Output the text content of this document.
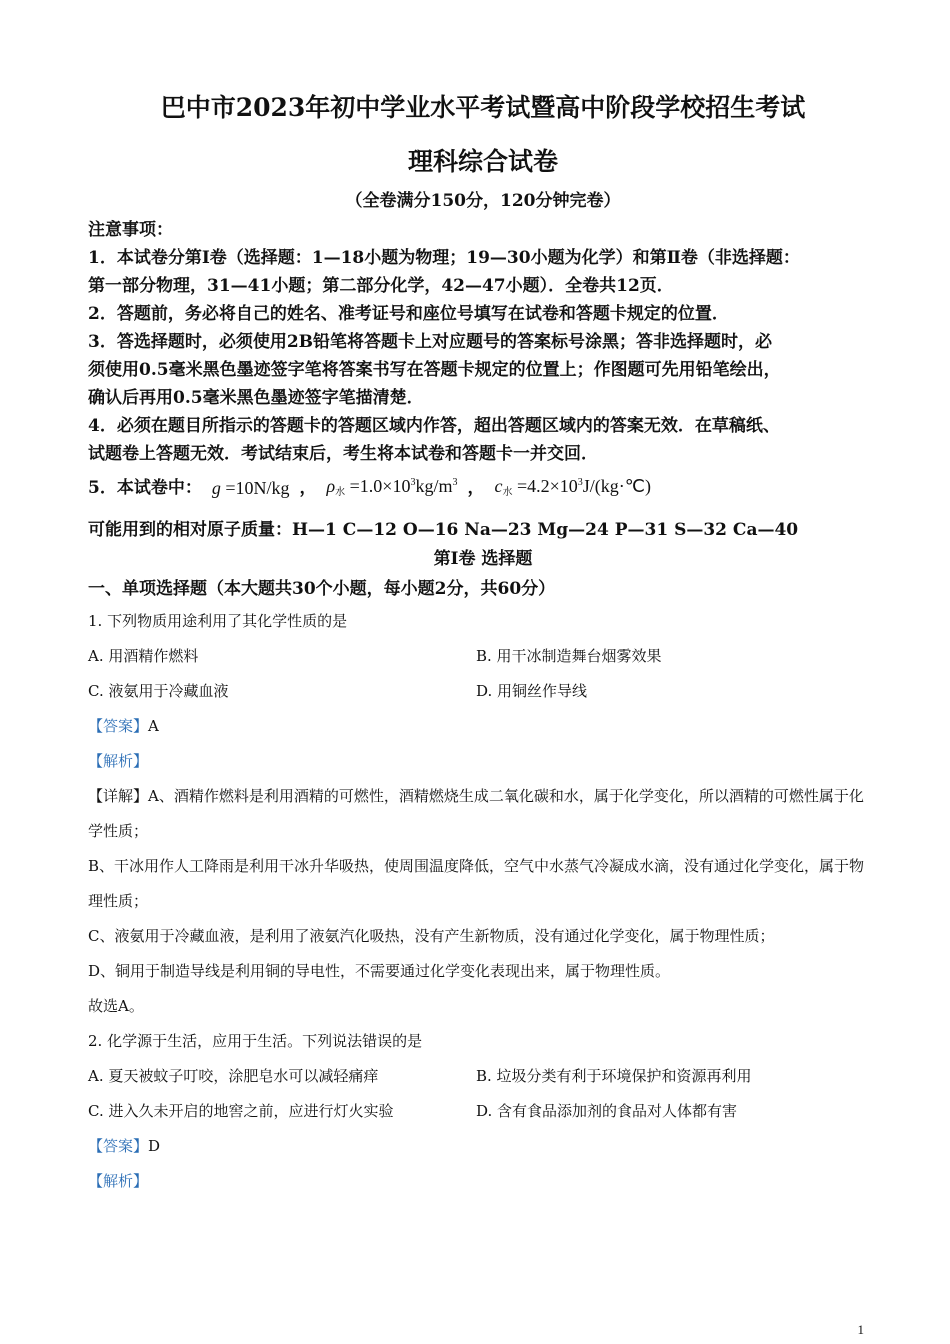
巴中市2023年初中学业水平考试暨高中阶段学校招生考试
理科综合试卷
（全卷满分150分，120分钟完卷）
注意事项：
1．本试卷分第Ⅰ卷（选择题：1—18小题为物理；19—30小题为化学）和第Ⅱ卷（非选择题：
第一部分物理，31—41小题；第二部分化学，42—47小题）．全卷共12页．
2．答题前，务必将自己的姓名、准考证号和座位号填写在试卷和答题卡规定的位置．
3．答选择题时，必须使用2B铅笔将答题卡上对应题号的答案标号涂黑；答非选择题时，必
须使用0.5毫米黑色墨迹签字笔将答案书写在答题卡规定的位置上；作图题可先用铅笔绘出，
确认后再用0.5毫米黑色墨迹签字笔描清楚．
4．必须在题目所指示的答题卡的答题区域内作答，超出答题区域内的答案无效．在草稿纸、
试题卷上答题无效．考试结束后，考生将本试卷和答题卡一并交回．
5．本试卷中： g =10N/kg ， $\rho_水 =1.0\times 10^3kg/m^3$ ， $c_水$ $=4.2\times 10^3J/(kg\cdot℃)$
可能用到的相对原子质量：H—1 C—12 O—16 Na—23 Mg—24 P—31 S—32 Ca—40
第Ⅰ卷 选择题
一、单项选择题（本大题共30个小题，每小题2分，共60分）
1. 下列物质用途利用了其化学性质的是
A. 用酒精作燃料	B. 用干冰制造舞台烟雾效果
C. 液氨用于冷藏血液	D. 用铜丝作导线
【答案】A
【解析】
【详解】A、酒精作燃料是利用酒精的可燃性，酒精燃烧生成二氧化碳和水，属于化学变化，所以酒精的可燃性属于化学性质；
B、干冰用作人工降雨是利用干冰升华吸热，使周围温度降低，空气中水蒸气冷凝成水滴，没有通过化学变化，属于物理性质；
C、液氨用于冷藏血液，是利用了液氨汽化吸热，没有产生新物质，没有通过化学变化，属于物理性质；
D、铜用于制造导线是利用铜的导电性，不需要通过化学变化表现出来，属于物理性质。
故选A。
2. 化学源于生活，应用于生活。下列说法错误的是
A. 夏天被蚊子叮咬，涂肥皂水可以减轻痛痒	B. 垃圾分类有利于环境保护和资源再利用
C. 进入久未开启的地窖之前，应进行灯火实验	D. 含有食品添加剂的食品对人体都有害
【答案】D
【解析】
1
